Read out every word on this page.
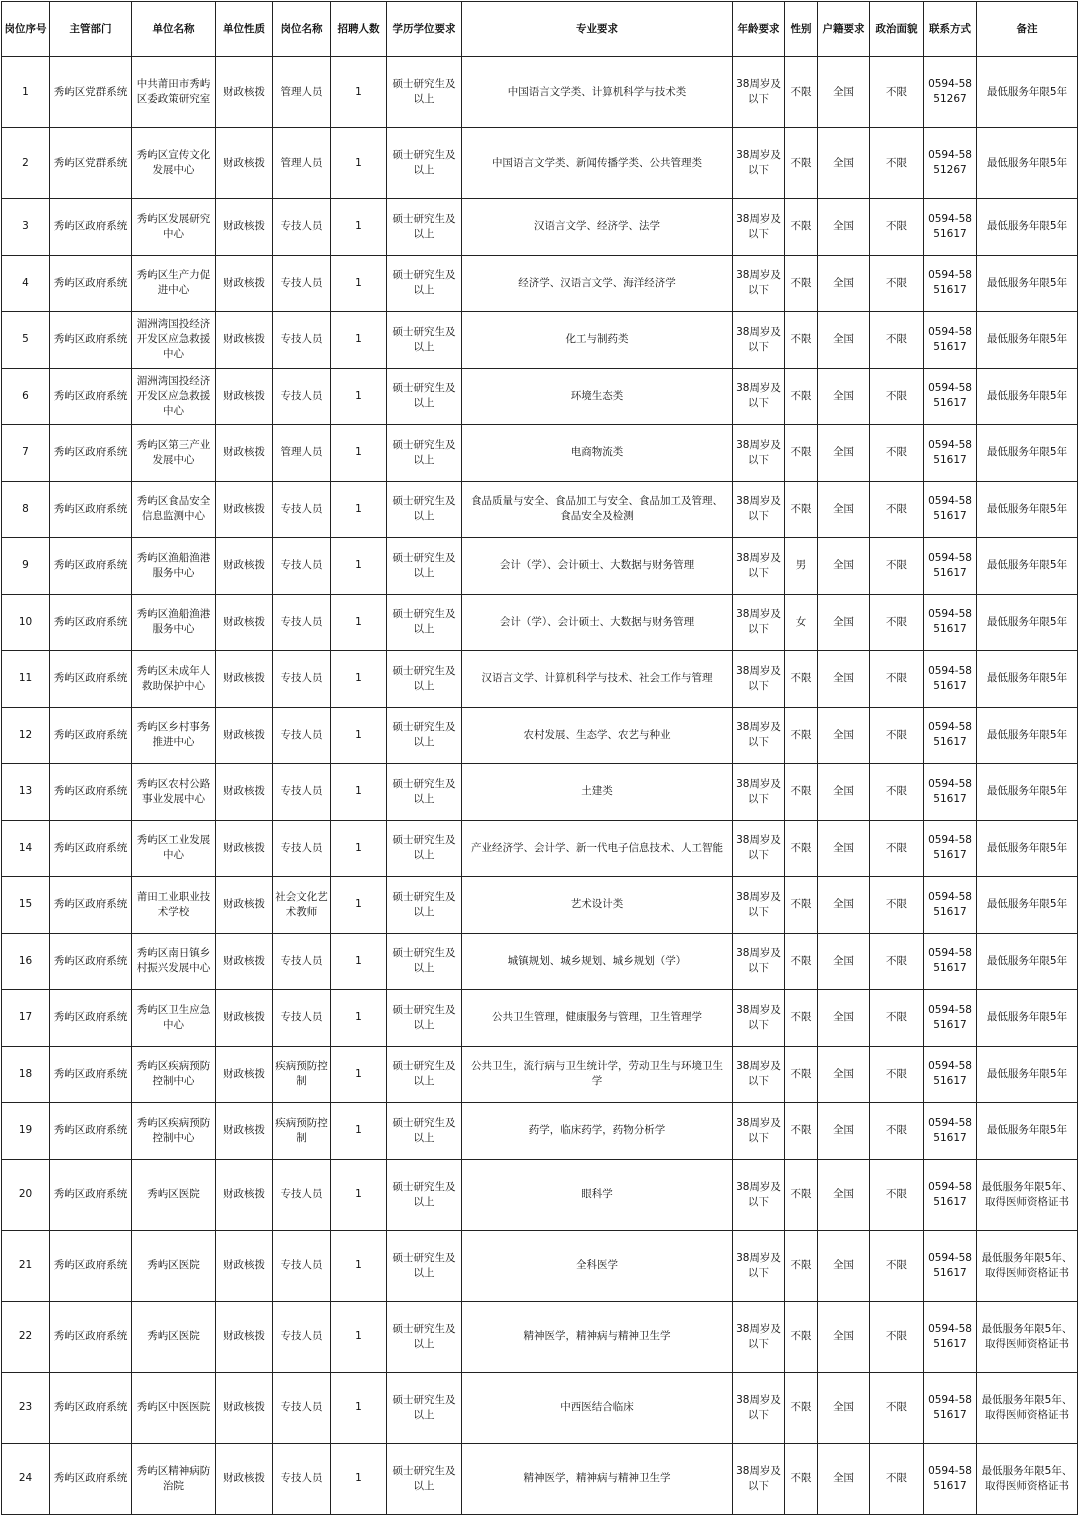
岗位序号	主管部门	单位名称	单位性质	岗位名称	招聘人数	学历学位要求	专业要求	年龄要求	性别	户籍要求	政治面貌	联系方式	备注
1	秀屿区党群系统	中共莆田市秀屿区委政策研究室	财政核拨	管理人员	1	硕士研究生及以上	中国语言文学类、计算机科学与技术类	38周岁及以下	不限	全国	不限	0594-5851267	最低服务年限5年
2	秀屿区党群系统	秀屿区宣传文化发展中心	财政核拨	管理人员	1	硕士研究生及以上	中国语言文学类、新闻传播学类、公共管理类	38周岁及以下	不限	全国	不限	0594-5851267	最低服务年限5年
3	秀屿区政府系统	秀屿区发展研究中心	财政核拨	专技人员	1	硕士研究生及以上	汉语言文学、经济学、法学	38周岁及以下	不限	全国	不限	0594-5851617	最低服务年限5年
4	秀屿区政府系统	秀屿区生产力促进中心	财政核拨	专技人员	1	硕士研究生及以上	经济学、汉语言文学、海洋经济学	38周岁及以下	不限	全国	不限	0594-5851617	最低服务年限5年
5	秀屿区政府系统	湄洲湾国投经济开发区应急救援中心	财政核拨	专技人员	1	硕士研究生及以上	化工与制药类	38周岁及以下	不限	全国	不限	0594-5851617	最低服务年限5年
6	秀屿区政府系统	湄洲湾国投经济开发区应急救援中心	财政核拨	专技人员	1	硕士研究生及以上	环境生态类	38周岁及以下	不限	全国	不限	0594-5851617	最低服务年限5年
7	秀屿区政府系统	秀屿区第三产业发展中心	财政核拨	管理人员	1	硕士研究生及以上	电商物流类	38周岁及以下	不限	全国	不限	0594-5851617	最低服务年限5年
8	秀屿区政府系统	秀屿区食品安全信息监测中心	财政核拨	专技人员	1	硕士研究生及以上	食品质量与安全、食品加工与安全、食品加工及管理、食品安全及检测	38周岁及以下	不限	全国	不限	0594-5851617	最低服务年限5年
9	秀屿区政府系统	秀屿区渔船渔港服务中心	财政核拨	专技人员	1	硕士研究生及以上	会计（学）、会计硕士、大数据与财务管理	38周岁及以下	男	全国	不限	0594-5851617	最低服务年限5年
10	秀屿区政府系统	秀屿区渔船渔港服务中心	财政核拨	专技人员	1	硕士研究生及以上	会计（学）、会计硕士、大数据与财务管理	38周岁及以下	女	全国	不限	0594-5851617	最低服务年限5年
11	秀屿区政府系统	秀屿区未成年人救助保护中心	财政核拨	专技人员	1	硕士研究生及以上	汉语言文学、计算机科学与技术、社会工作与管理	38周岁及以下	不限	全国	不限	0594-5851617	最低服务年限5年
12	秀屿区政府系统	秀屿区乡村事务推进中心	财政核拨	专技人员	1	硕士研究生及以上	农村发展、生态学、农艺与种业	38周岁及以下	不限	全国	不限	0594-5851617	最低服务年限5年
13	秀屿区政府系统	秀屿区农村公路事业发展中心	财政核拨	专技人员	1	硕士研究生及以上	土建类	38周岁及以下	不限	全国	不限	0594-5851617	最低服务年限5年
14	秀屿区政府系统	秀屿区工业发展中心	财政核拨	专技人员	1	硕士研究生及以上	产业经济学、会计学、新一代电子信息技术、人工智能	38周岁及以下	不限	全国	不限	0594-5851617	最低服务年限5年
15	秀屿区政府系统	莆田工业职业技术学校	财政核拨	社会文化艺术教师	1	硕士研究生及以上	艺术设计类	38周岁及以下	不限	全国	不限	0594-5851617	最低服务年限5年
16	秀屿区政府系统	秀屿区南日镇乡村振兴发展中心	财政核拨	专技人员	1	硕士研究生及以上	城镇规划、城乡规划、城乡规划（学）	38周岁及以下	不限	全国	不限	0594-5851617	最低服务年限5年
17	秀屿区政府系统	秀屿区卫生应急中心	财政核拨	专技人员	1	硕士研究生及以上	公共卫生管理，健康服务与管理，卫生管理学	38周岁及以下	不限	全国	不限	0594-5851617	最低服务年限5年
18	秀屿区政府系统	秀屿区疾病预防控制中心	财政核拨	疾病预防控制	1	硕士研究生及以上	公共卫生，流行病与卫生统计学，劳动卫生与环境卫生学	38周岁及以下	不限	全国	不限	0594-5851617	最低服务年限5年
19	秀屿区政府系统	秀屿区疾病预防控制中心	财政核拨	疾病预防控制	1	硕士研究生及以上	药学，临床药学，药物分析学	38周岁及以下	不限	全国	不限	0594-5851617	最低服务年限5年
20	秀屿区政府系统	秀屿区医院	财政核拨	专技人员	1	硕士研究生及以上	眼科学	38周岁及以下	不限	全国	不限	0594-5851617	最低服务年限5年、取得医师资格证书
21	秀屿区政府系统	秀屿区医院	财政核拨	专技人员	1	硕士研究生及以上	全科医学	38周岁及以下	不限	全国	不限	0594-5851617	最低服务年限5年、取得医师资格证书
22	秀屿区政府系统	秀屿区医院	财政核拨	专技人员	1	硕士研究生及以上	精神医学，精神病与精神卫生学	38周岁及以下	不限	全国	不限	0594-5851617	最低服务年限5年、取得医师资格证书
23	秀屿区政府系统	秀屿区中医医院	财政核拨	专技人员	1	硕士研究生及以上	中西医结合临床	38周岁及以下	不限	全国	不限	0594-5851617	最低服务年限5年、取得医师资格证书
24	秀屿区政府系统	秀屿区精神病防治院	财政核拨	专技人员	1	硕士研究生及以上	精神医学，精神病与精神卫生学	38周岁及以下	不限	全国	不限	0594-5851617	最低服务年限5年、取得医师资格证书
